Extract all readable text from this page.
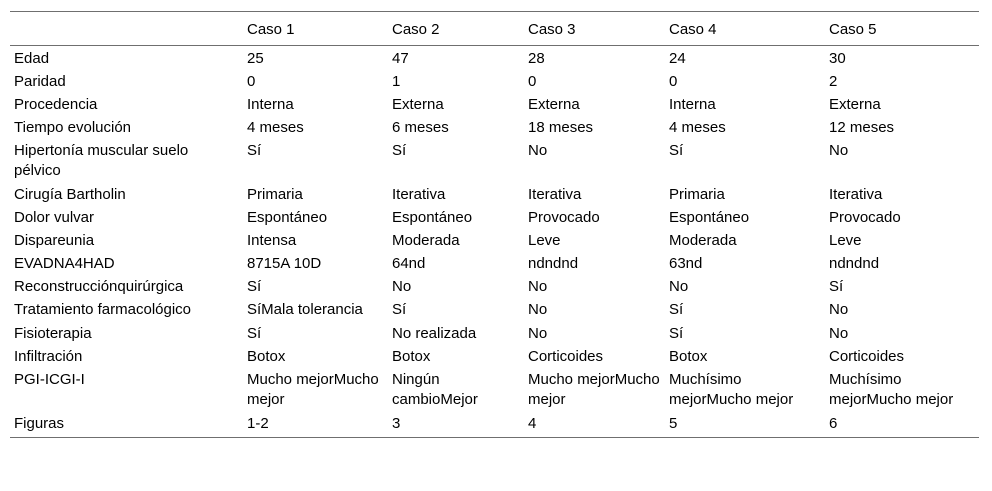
	Caso 1	Caso 2	Caso 3	Caso 4	Caso 5
Edad	25	47	28	24	30
Paridad	0	1	0	0	2
Procedencia	Interna	Externa	Externa	Interna	Externa
Tiempo evolución	4 meses	6 meses	18 meses	4 meses	12 meses
Hipertonía muscular suelo pélvico	Sí	Sí	No	Sí	No
Cirugía Bartholin	Primaria	Iterativa	Iterativa	Primaria	Iterativa
Dolor vulvar	Espontáneo	Espontáneo	Provocado	Espontáneo	Provocado
Dispareunia	Intensa	Moderada	Leve	Moderada	Leve
EVADNA4HAD	8715A 10D	64nd	ndndnd	63nd	ndndnd
Reconstrucciónquirúrgica	Sí	No	No	No	Sí
Tratamiento farmacológico	SíMala tolerancia	Sí	No	Sí	No
Fisioterapia	Sí	No realizada	No	Sí	No
Infiltración	Botox	Botox	Corticoides	Botox	Corticoides
PGI-ICGI-I	Mucho mejorMucho mejor	Ningún cambioMejor	Mucho mejorMucho mejor	Muchísimo mejorMucho mejor	Muchísimo mejorMucho mejor
Figuras	1-2	3	4	5	6
